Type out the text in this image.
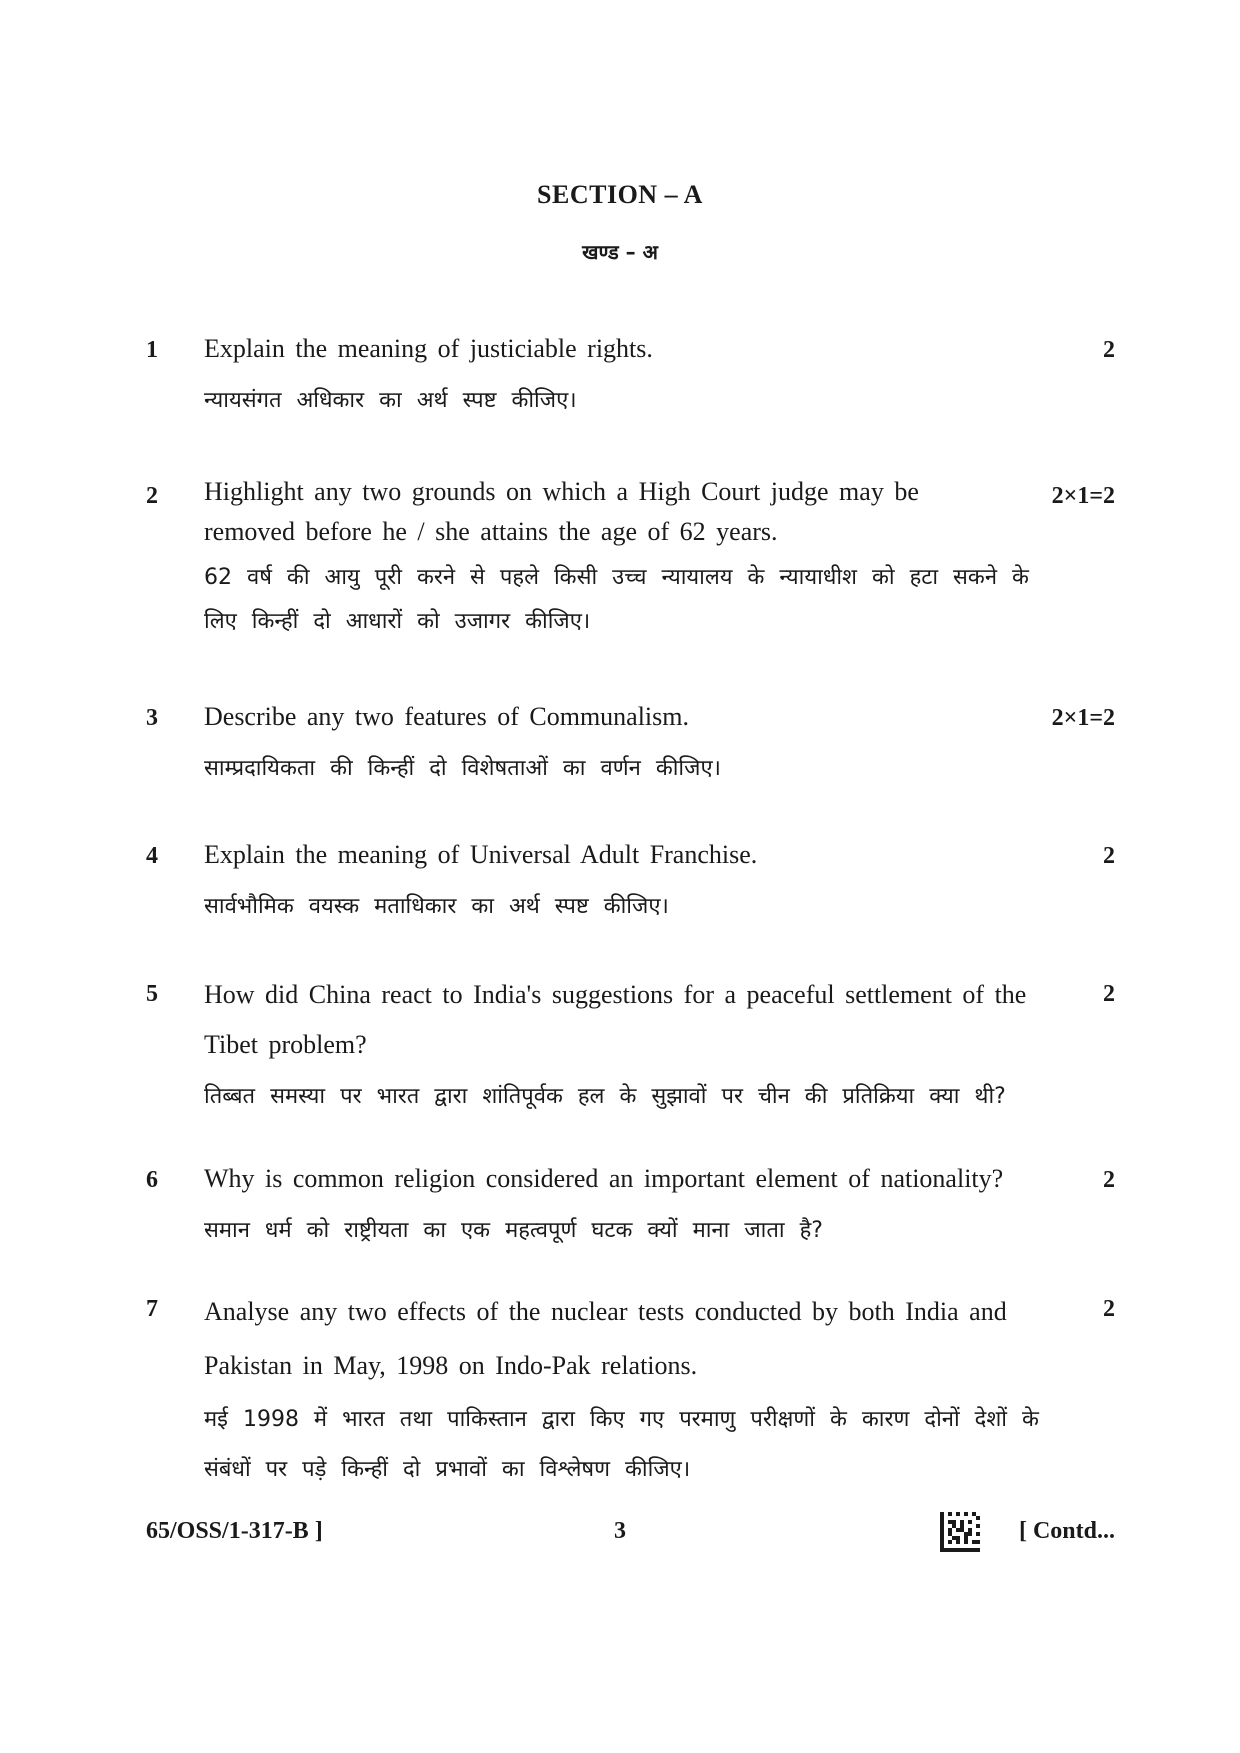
SECTION – A
खण्ड – अ
1 Explain the meaning of justiciable rights.

न्यायसंगत अधिकार का अर्थ स्पष्ट कीजिए।

2
2 Highlight any two grounds on which a High Court judge may be removed before he / she attains the age of 62 years.

62 वर्ष की आयु पूरी करने से पहले किसी उच्च न्यायालय के न्यायाधीश को हटा सकने के लिए किन्हीं दो आधारों को उजागर कीजिए।

2×1=2
3 Describe any two features of Communalism.

साम्प्रदायिकता की किन्हीं दो विशेषताओं का वर्णन कीजिए।

2×1=2
4 Explain the meaning of Universal Adult Franchise.

सार्वभौमिक वयस्क मताधिकार का अर्थ स्पष्ट कीजिए।

2
5 How did China react to India's suggestions for a peaceful settlement of the Tibet problem?

तिब्बत समस्या पर भारत द्वारा शांतिपूर्वक हल के सुझावों पर चीन की प्रतिक्रिया क्या थी?

2
6 Why is common religion considered an important element of nationality?

समान धर्म को राष्ट्रीयता का एक महत्वपूर्ण घटक क्यों माना जाता है?

2
7 Analyse any two effects of the nuclear tests conducted by both India and Pakistan in May, 1998 on Indo-Pak relations.

मई 1998 में भारत तथा पाकिस्तान द्वारा किए गए परमाणु परीक्षणों के कारण दोनों देशों के संबंधों पर पड़े किन्हीं दो प्रभावों का विश्लेषण कीजिए।

2
65/OSS/1-317-B ]	3	[ Contd...
